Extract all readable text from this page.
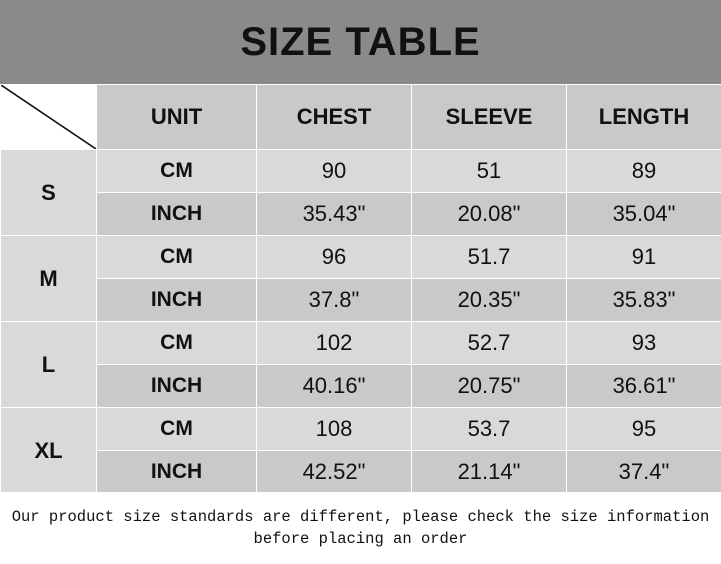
SIZE TABLE
	UNIT	CHEST	SLEEVE	LENGTH
S	CM	90	51	89
	INCH	35.43"	20.08"	35.04"
M	CM	96	51.7	91
	INCH	37.8"	20.35"	35.83"
L	CM	102	52.7	93
	INCH	40.16"	20.75"	36.61"
XL	CM	108	53.7	95
	INCH	42.52"	21.14"	37.4"
Our product size standards are different, please check the size information
before placing an order
